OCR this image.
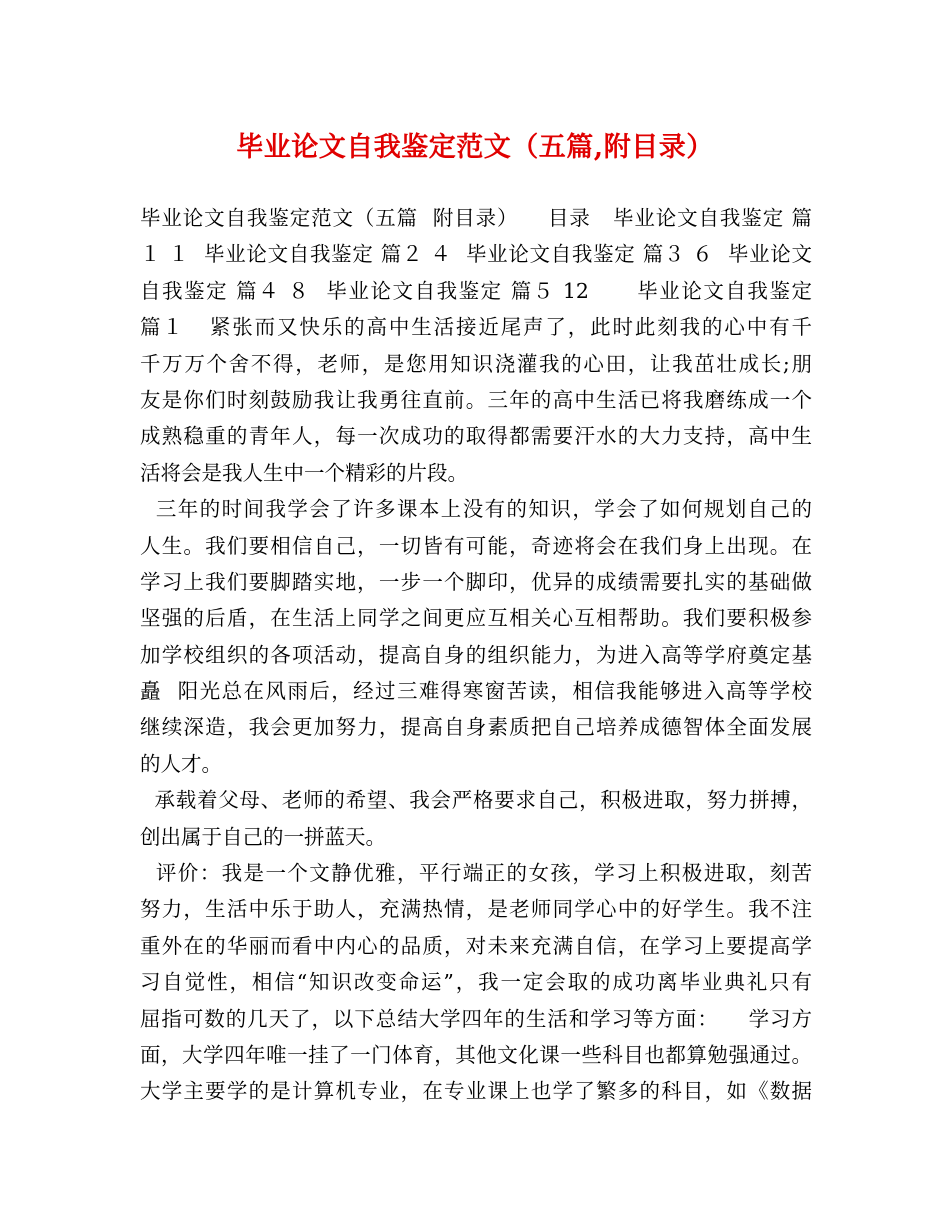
毕业论文自我鉴定范文（五篇,附目录）
毕业论文自我鉴定范文（五篇  附目录）    目录   毕业论文自我鉴定 篇
１ １  毕业论文自我鉴定 篇２ ４  毕业论文自我鉴定 篇３ ６  毕业论文
自我鉴定 篇４ ８  毕业论文自我鉴定 篇５ 12      毕业论文自我鉴定
篇１   紧张而又快乐的高中生活接近尾声了，此时此刻我的心中有千
千万万个舍不得，老师，是您用知识浇灌我的心田，让我茁壮成长;朋
友是你们时刻鼓励我让我勇往直前。三年的高中生活已将我磨练成一个
成熟稳重的青年人，每一次成功的取得都需要汗水的大力支持，高中生
活将会是我人生中一个精彩的片段。
三年的时间我学会了许多课本上没有的知识，学会了如何规划自己的
人生。我们要相信自己，一切皆有可能，奇迹将会在我们身上出现。在
学习上我们要脚踏实地，一步一个脚印，优异的成绩需要扎实的基础做
坚强的后盾，在生活上同学之间更应互相关心互相帮助。我们要积极参
加学校组织的各项活动，提高自身的组织能力，为进入高等学府奠定基
矗  阳光总在风雨后，经过三难得寒窗苦读，相信我能够进入高等学校
继续深造，我会更加努力，提高自身素质把自己培养成德智体全面发展
的人才。
承载着父母、老师的希望、我会严格要求自己，积极进取，努力拼搏，
创出属于自己的一拼蓝天。
评价：我是一个文静优雅，平行端正的女孩，学习上积极进取，刻苦
努力，生活中乐于助人，充满热情，是老师同学心中的好学生。我不注
重外在的华丽而看中内心的品质，对未来充满自信，在学习上要提高学
习自觉性，相信“知识改变命运”，我一定会取的成功离毕业典礼只有
屈指可数的几天了，以下总结大学四年的生活和学习等方面：    学习方
面，大学四年唯一挂了一门体育，其他文化课一些科目也都算勉强通过。
大学主要学的是计算机专业，在专业课上也学了繁多的科目，如《数据
